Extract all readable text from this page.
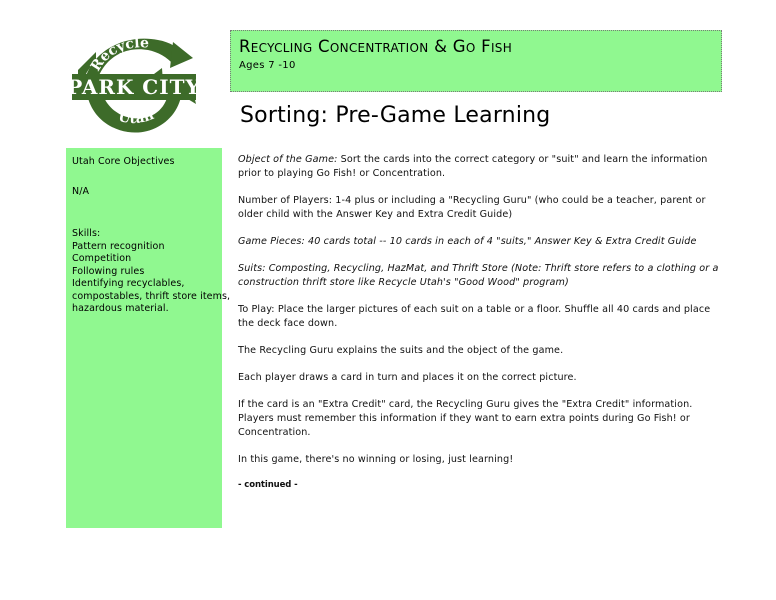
Recycle
PARK CITY
Utah
Utah Core Objectives
N/A
Skills:
Pattern recognition
Competition
Following rules
Identifying recyclables,
compostables, thrift store items,
hazardous material.
Recycling Concentration & Go Fish
Ages 7 -10
Sorting: Pre-Game Learning

Object of the Game: Sort the cards into the correct category or "suit" and learn the information prior to playing Go Fish! or Concentration.

Number of Players: 1-4 plus or including a "Recycling Guru" (who could be a teacher, parent or older child with the Answer Key and Extra Credit Guide)

Game Pieces: 40 cards total -- 10 cards in each of 4 "suits," Answer Key & Extra Credit Guide

Suits: Composting, Recycling, HazMat, and Thrift Store (Note: Thrift store refers to a clothing or a construction thrift store like Recycle Utah's "Good Wood" program)

To Play: Place the larger pictures of each suit on a table or a floor. Shuffle all 40 cards and place the deck face down.

The Recycling Guru explains the suits and the object of the game.

Each player draws a card in turn and places it on the correct picture.

If the card is an "Extra Credit" card, the Recycling Guru gives the "Extra Credit" information. Players must remember this information if they want to earn extra points during Go Fish! or Concentration.

In this game, there's no winning or losing, just learning!

- continued -
